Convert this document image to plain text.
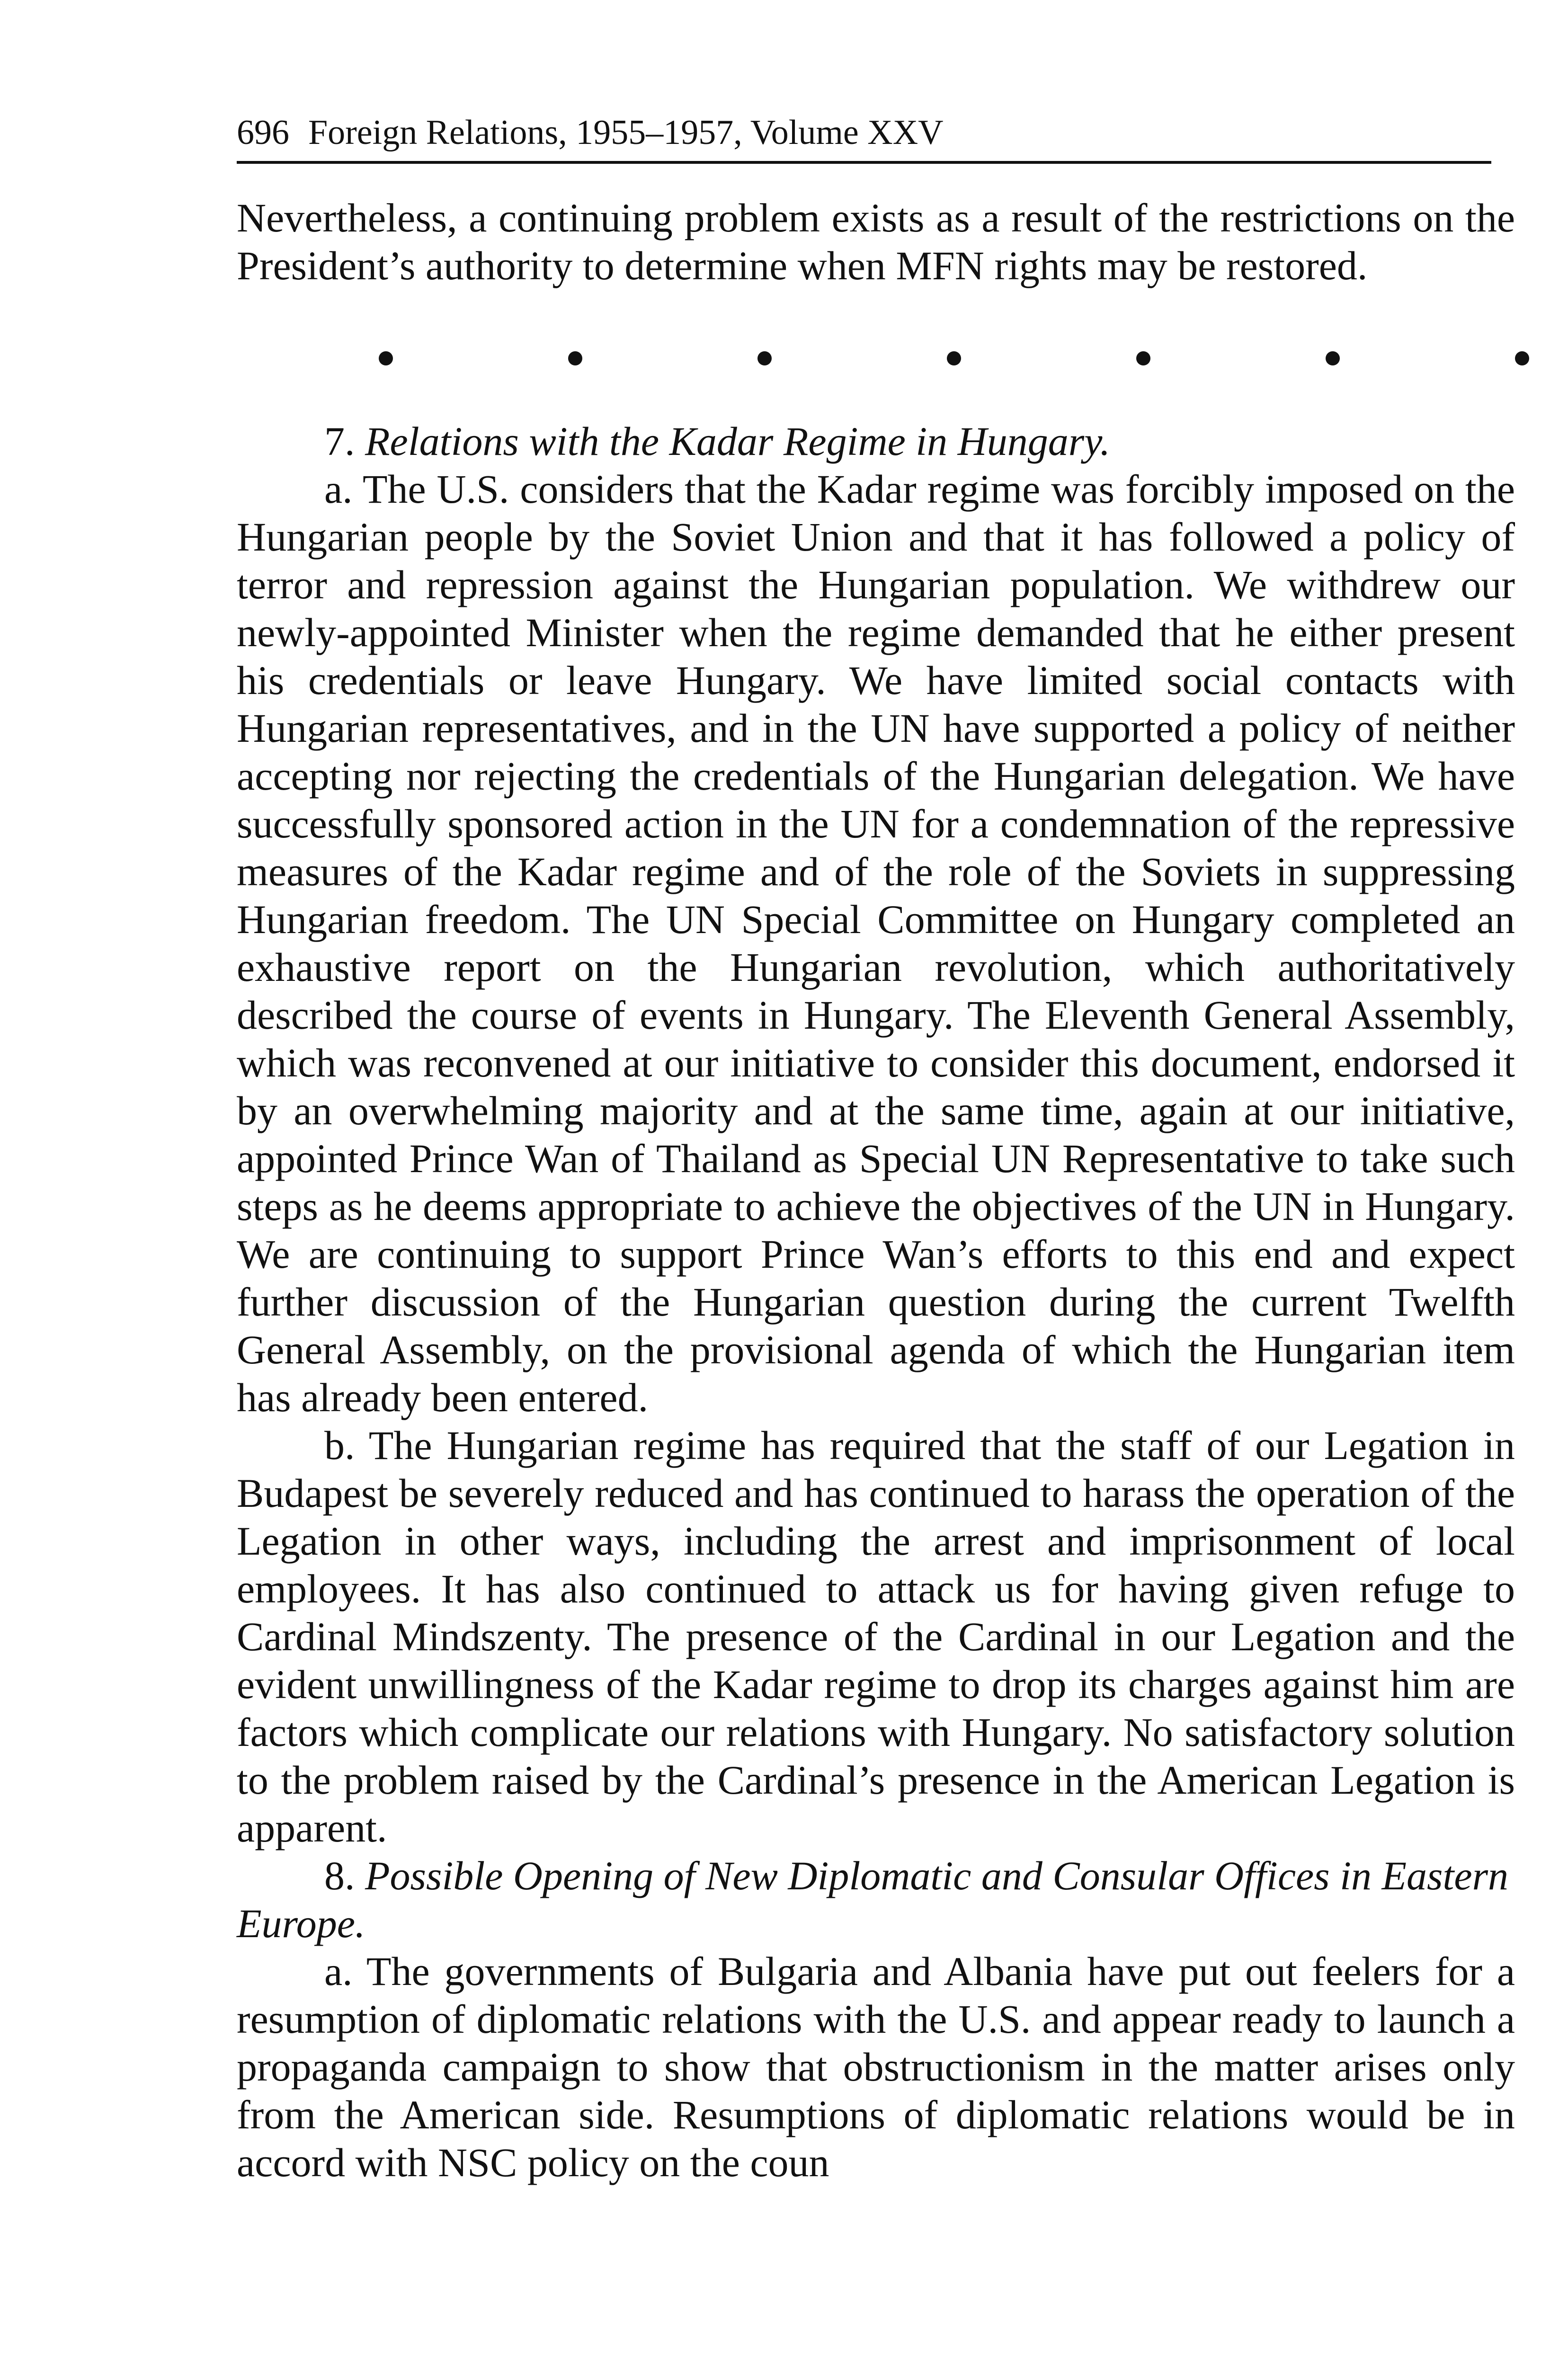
696 Foreign Relations, 1955–1957, Volume XXV

Nevertheless, a continuing problem exists as a result of the restrictions on the President’s authority to determine when MFN rights may be restored.

7. Relations with the Kadar Regime in Hungary.

a. The U.S. considers that the Kadar regime was forcibly imposed on the Hungarian people by the Soviet Union and that it has followed a policy of terror and repression against the Hungarian population. We withdrew our newly-appointed Minister when the regime demanded that he either present his credentials or leave Hungary. We have limited social contacts with Hungarian representatives, and in the UN have supported a policy of neither accepting nor rejecting the credentials of the Hungarian delegation. We have successfully sponsored action in the UN for a condemnation of the repressive measures of the Kadar regime and of the role of the Soviets in suppressing Hungarian freedom. The UN Special Committee on Hungary completed an exhaustive report on the Hungarian revolution, which authoritatively described the course of events in Hungary. The Eleventh General Assembly, which was reconvened at our initiative to consider this document, endorsed it by an overwhelming majority and at the same time, again at our initiative, appointed Prince Wan of Thailand as Special UN Representative to take such steps as he deems appropriate to achieve the objectives of the UN in Hungary. We are continuing to support Prince Wan’s efforts to this end and expect further discussion of the Hungarian question during the current Twelfth General Assembly, on the provisional agenda of which the Hungarian item has already been entered.

b. The Hungarian regime has required that the staff of our Legation in Budapest be severely reduced and has continued to harass the operation of the Legation in other ways, including the arrest and imprisonment of local employees. It has also continued to attack us for having given refuge to Cardinal Mindszenty. The presence of the Cardinal in our Legation and the evident unwillingness of the Kadar regime to drop its charges against him are factors which complicate our relations with Hungary. No satisfactory solution to the problem raised by the Cardinal’s presence in the American Legation is apparent.

8. Possible Opening of New Diplomatic and Consular Offices in Eastern Europe.

a. The governments of Bulgaria and Albania have put out feelers for a resumption of diplomatic relations with the U.S. and appear ready to launch a propaganda campaign to show that obstructionism in the matter arises only from the American side. Resumptions of diplomatic relations would be in accord with NSC policy on the coun
